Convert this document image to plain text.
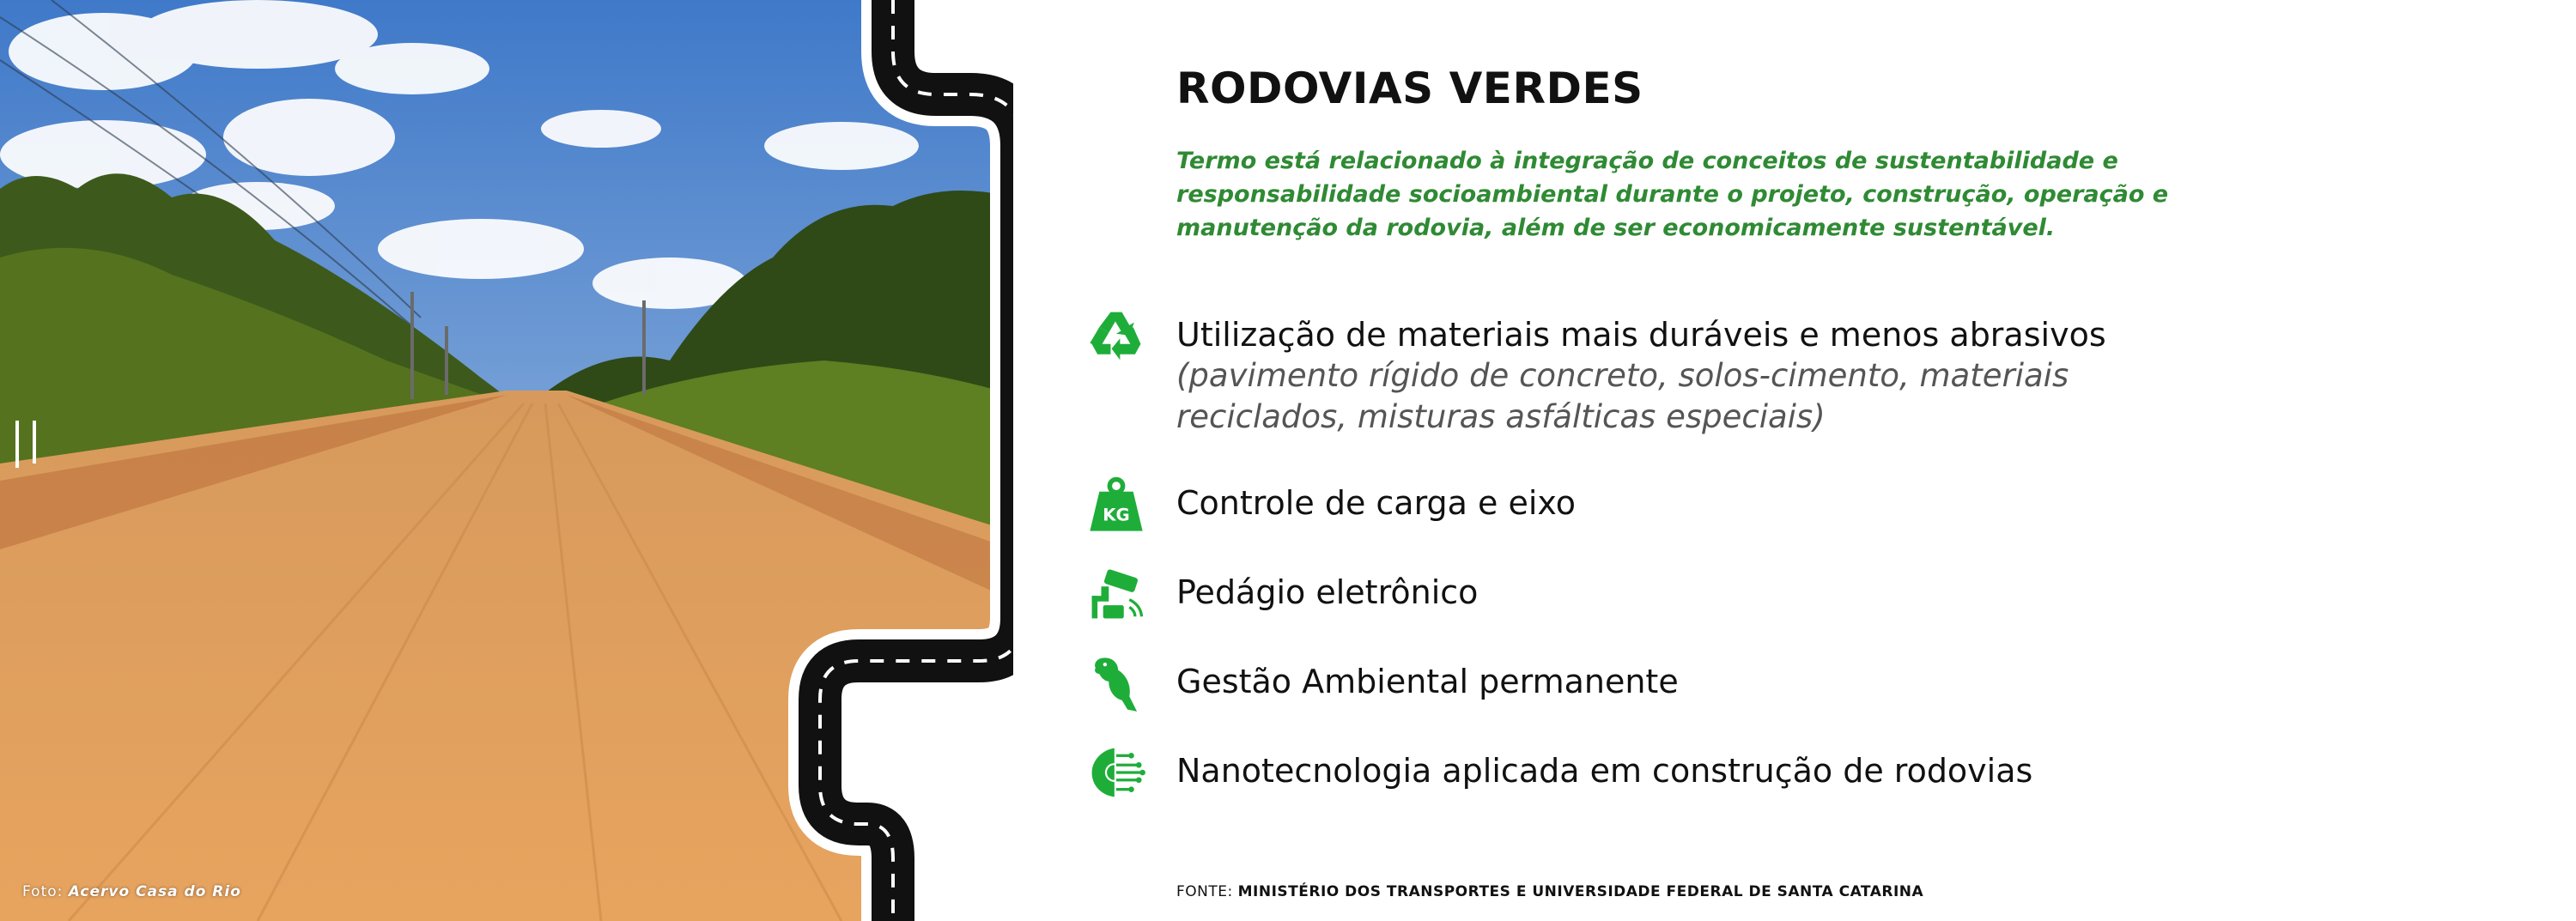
Foto: Acervo Casa do Rio
RODOVIAS VERDES

Termo está relacionado à integração de conceitos de sustentabilidade e responsabilidade socioambiental durante o projeto, construção, operação e manutenção da rodovia, além de ser economicamente sustentável.

Utilização de materiais mais duráveis e menos abrasivos
(pavimento rígido de concreto, solos-cimento, materiais reciclados, misturas asfálticas especiais)
KG Controle de carga e eixo
Pedágio eletrônico
Gestão Ambiental permanente
Nanotecnologia aplicada em construção de rodovias
FONTE: MINISTÉRIO DOS TRANSPORTES E UNIVERSIDADE FEDERAL DE SANTA CATARINA
